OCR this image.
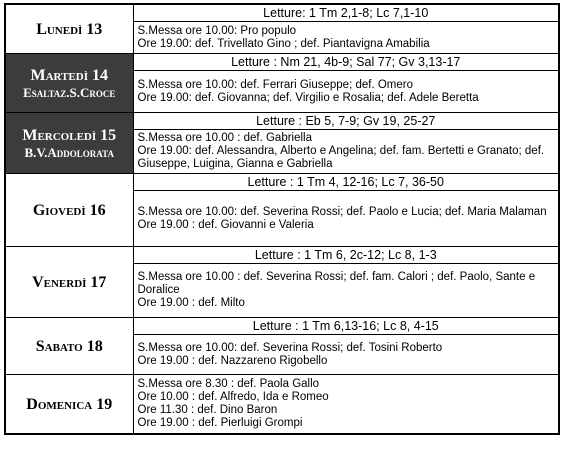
Lunedì 13	Letture: 1 Tm 2,1-8; Lc 7,1-10

	S.Messa ore 10.00: Pro populo
Ore 19.00: def. Trivellato Gino ; def. Piantavigna Amabilia

Martedì 14
Esaltaz.S.Croce	Letture : Nm 21, 4b-9; Sal 77; Gv 3,13-17

	S.Messa ore 10.00: def. Ferrari Giuseppe; def. Omero
Ore 19.00: def. Giovanna; def. Virgilio e Rosalia; def. Adele Beretta

Mercoledì 15
B.V.Addolorata	Letture : Eb 5, 7-9; Gv 19, 25-27

	S.Messa ore 10.00 : def. Gabriella
Ore 19.00: def. Alessandra, Alberto e Angelina; def. fam. Bertetti e Granato; def. Giuseppe, Luigina, Gianna e Gabriella

Giovedì 16	Letture : 1 Tm 4, 12-16; Lc 7, 36-50

	S.Messa ore 10.00: def. Severina Rossi; def. Paolo e Lucia; def. Maria Malaman
Ore 19.00 : def. Giovanni e Valeria

Venerdì 17	Letture : 1 Tm 6, 2c-12; Lc 8, 1-3

	S.Messa ore 10.00 : def. Severina Rossi; def. fam. Calori ; def. Paolo, Sante e Doralice
Ore 19.00 : def. Milto

Sabato 18	Letture : 1 Tm 6,13-16; Lc 8, 4-15

	S.Messa ore 10.00: def. Severina Rossi; def. Tosini Roberto
Ore 19.00 : def. Nazzareno Rigobello

Domenica 19	S.Messa ore 8.30 : def. Paola Gallo
Ore 10.00 : def. Alfredo, Ida e Romeo
Ore 11.30 : def. Dino Baron
Ore 19.00 : def. Pierluigi Grompi
